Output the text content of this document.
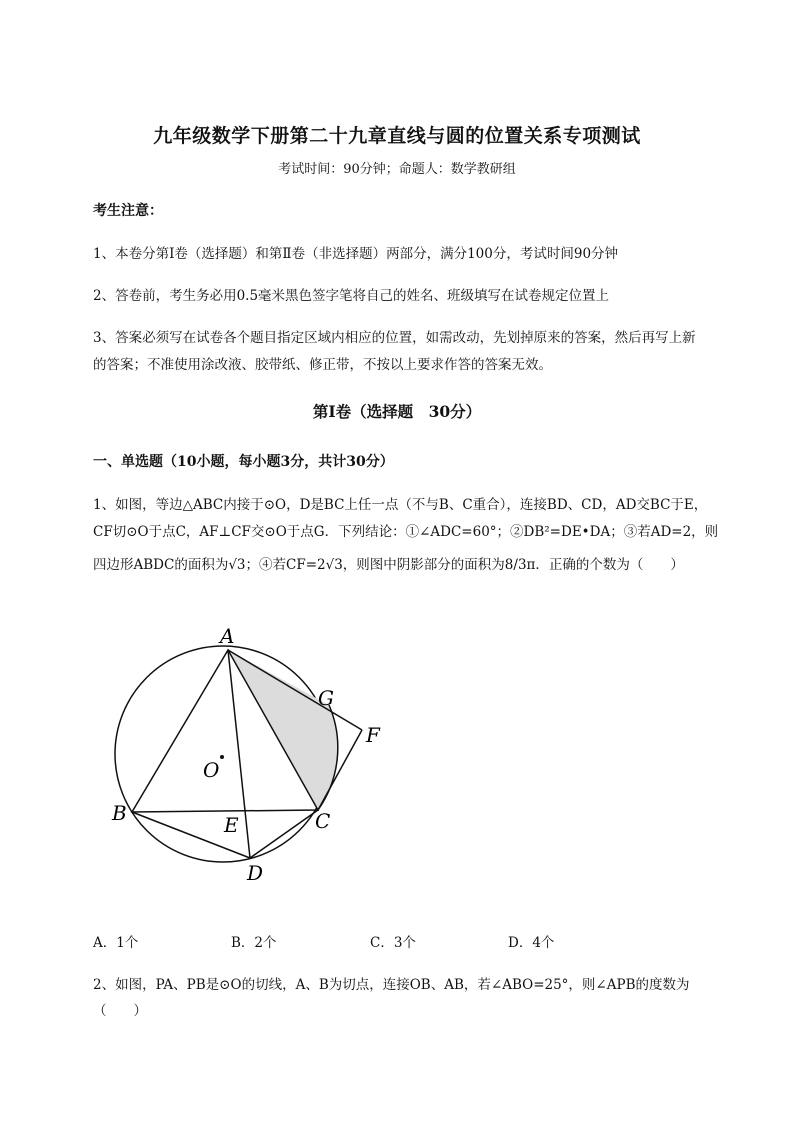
九年级数学下册第二十九章直线与圆的位置关系专项测试
考试时间：90分钟；命题人：数学教研组
考生注意：
1、本卷分第I卷（选择题）和第Ⅱ卷（非选择题）两部分，满分100分，考试时间90分钟
2、答卷前，考生务必用0.5毫米黑色签字笔将自己的姓名、班级填写在试卷规定位置上
3、答案必须写在试卷各个题目指定区域内相应的位置，如需改动，先划掉原来的答案，然后再写上新
的答案；不准使用涂改液、胶带纸、修正带，不按以上要求作答的答案无效。
第I卷（选择题　30分）
一、单选题（10小题，每小题3分，共计30分）
1、如图，等边△ABC内接于⊙O，D是BC上任一点（不与B、C重合），连接BD、CD，AD交BC于E，
CF切⊙O于点C，AF⊥CF交⊙O于点G．下列结论：①∠ADC=60°；②DB²=DE•DA；③若AD=2，则
四边形ABDC的面积为√3；④若CF=2√3，则图中阴影部分的面积为8/3π．正确的个数为（　　）
A
B	C
D
E
F
G
O
A．1个	B．2个	C．3个	D．4个
2、如图，PA、PB是⊙O的切线，A、B为切点，连接OB、AB，若∠ABO=25°，则∠APB的度数为
（　　）
